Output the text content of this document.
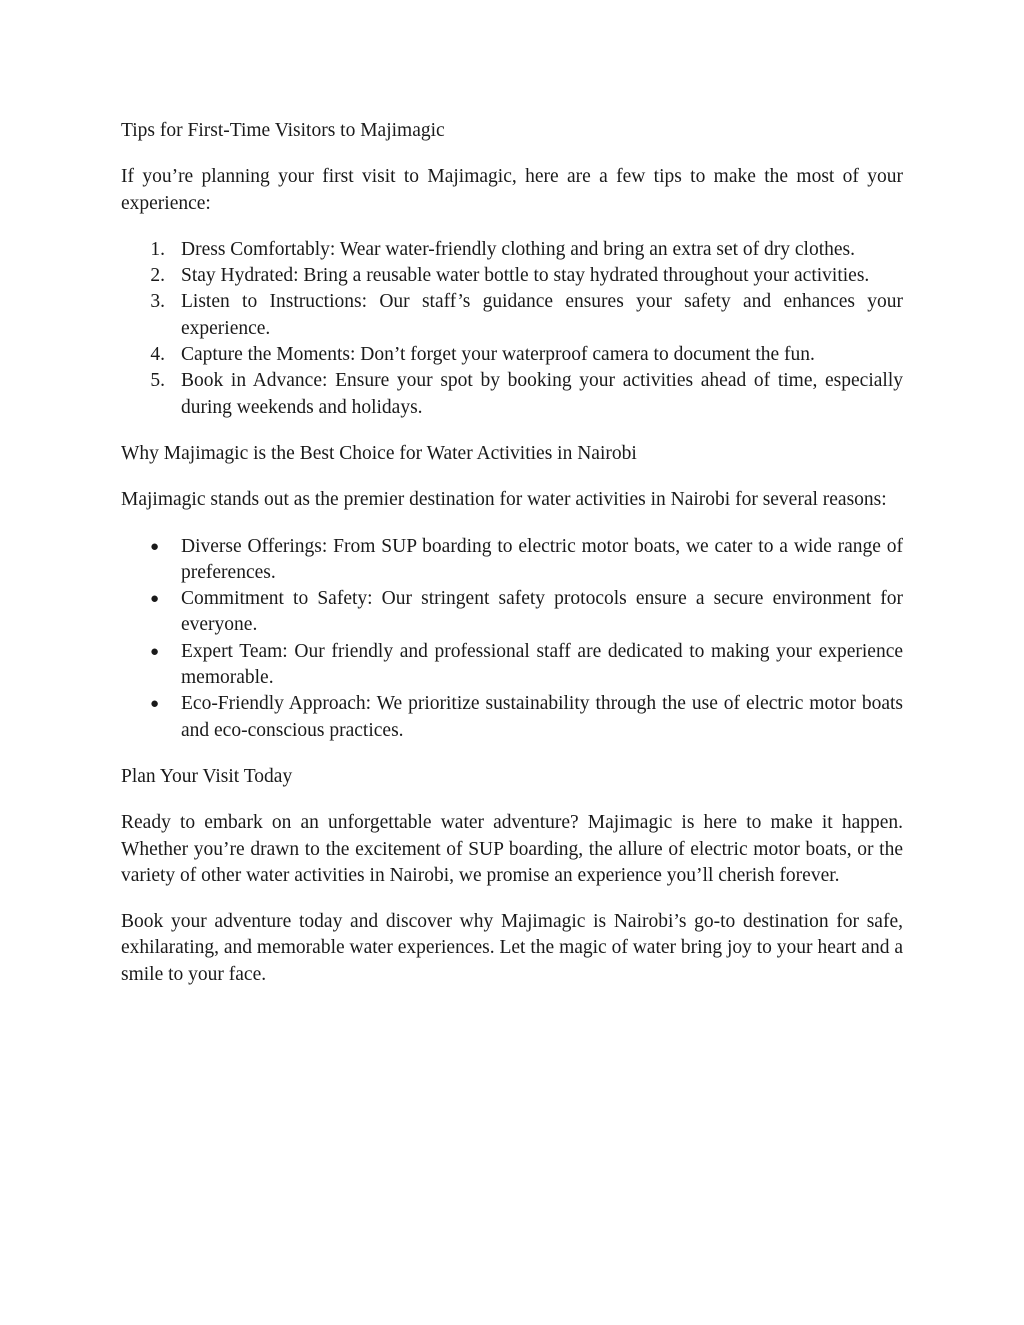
Tips for First-Time Visitors to Majimagic

If you’re planning your first visit to Majimagic, here are a few tips to make the most of your experience:

1. Dress Comfortably: Wear water-friendly clothing and bring an extra set of dry clothes.
2. Stay Hydrated: Bring a reusable water bottle to stay hydrated throughout your activities.
3. Listen to Instructions: Our staff’s guidance ensures your safety and enhances your experience.
4. Capture the Moments: Don’t forget your waterproof camera to document the fun.
5. Book in Advance: Ensure your spot by booking your activities ahead of time, especially during weekends and holidays.

Why Majimagic is the Best Choice for Water Activities in Nairobi

Majimagic stands out as the premier destination for water activities in Nairobi for several reasons:

● Diverse Offerings: From SUP boarding to electric motor boats, we cater to a wide range of preferences.
● Commitment to Safety: Our stringent safety protocols ensure a secure environment for everyone.
● Expert Team: Our friendly and professional staff are dedicated to making your experience memorable.
● Eco-Friendly Approach: We prioritize sustainability through the use of electric motor boats and eco-conscious practices.

Plan Your Visit Today

Ready to embark on an unforgettable water adventure? Majimagic is here to make it happen. Whether you’re drawn to the excitement of SUP boarding, the allure of electric motor boats, or the variety of other water activities in Nairobi, we promise an experience you’ll cherish forever.

Book your adventure today and discover why Majimagic is Nairobi’s go-to destination for safe, exhilarating, and memorable water experiences. Let the magic of water bring joy to your heart and a smile to your face.
